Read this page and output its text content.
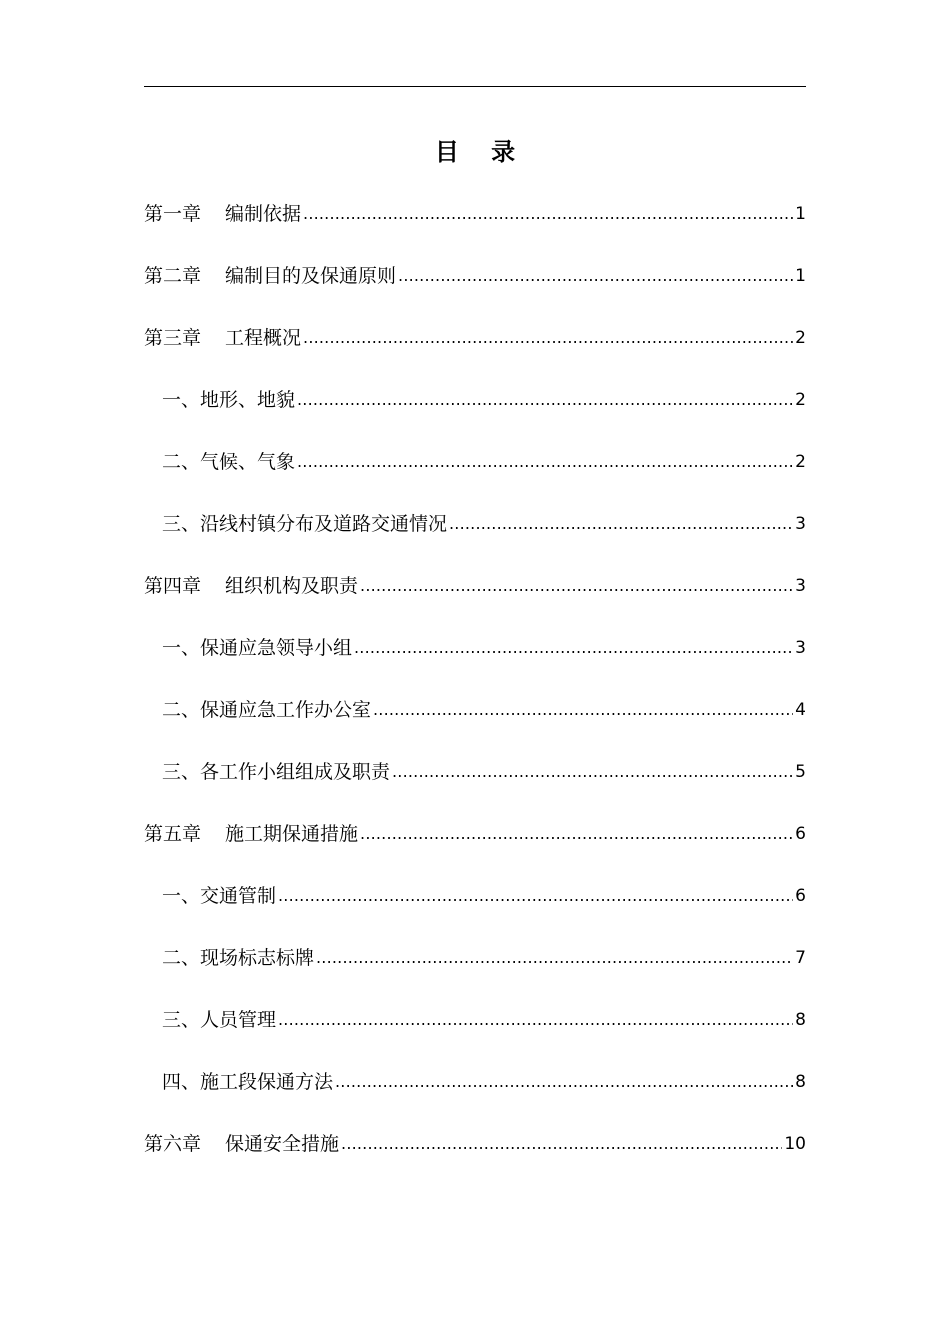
目 录
第一章 编制依据 .....	1
第二章 编制目的及保通原则 .....	1
第三章 工程概况 .....	2
一、地形、地貌 .....	2
二、气候、气象 .....	2
三、沿线村镇分布及道路交通情况 .....	3
第四章 组织机构及职责 .....	3
一、保通应急领导小组 .....	3
二、保通应急工作办公室 .....	4
三、各工作小组组成及职责 .....	5
第五章 施工期保通措施 .....	6
一、交通管制 .....	6
二、现场标志标牌 .....	7
三、人员管理 .....	8
四、施工段保通方法 .....	8
第六章 保通安全措施 .....	10
